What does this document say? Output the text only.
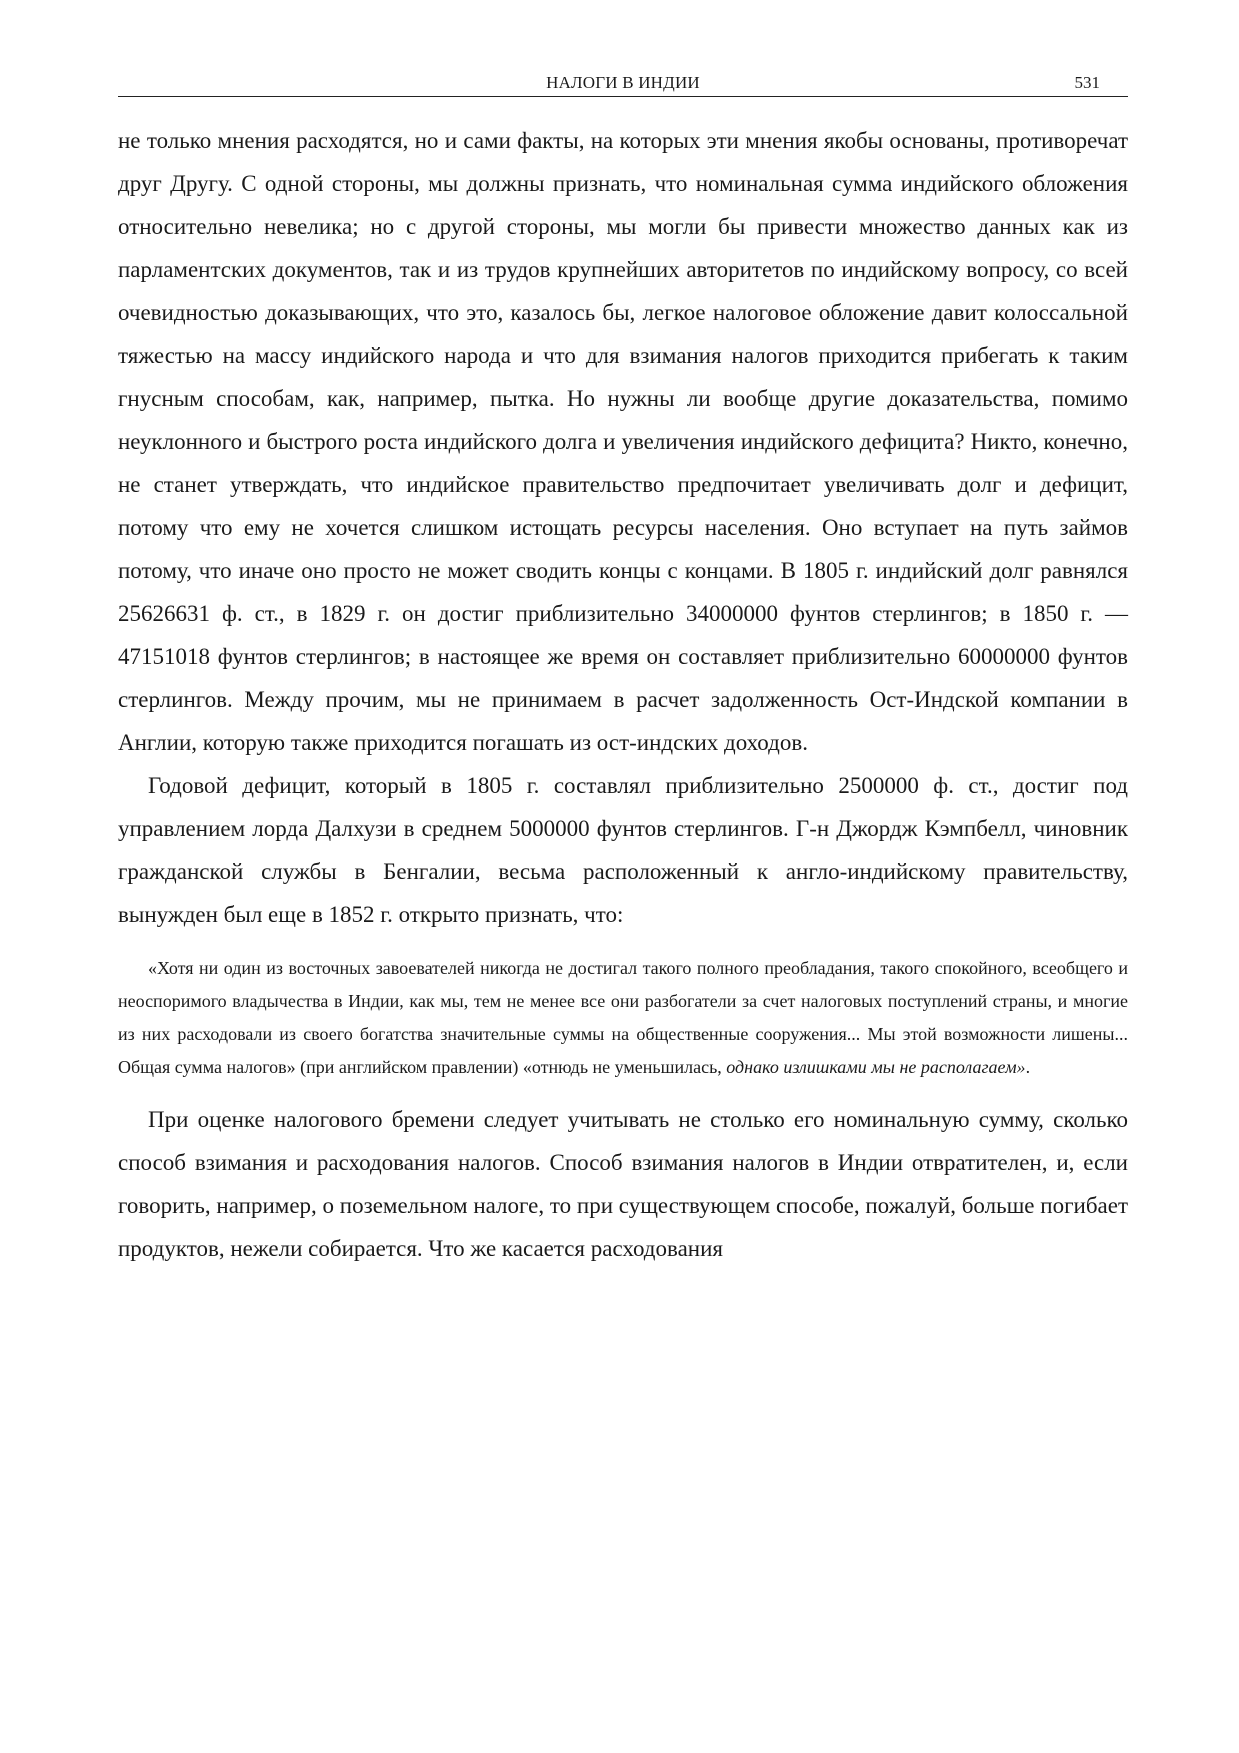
НАЛОГИ В ИНДИИ	531

не только мнения расходятся, но и сами факты, на которых эти мнения якобы основаны, противоречат друг Другу. С одной стороны, мы должны признать, что номинальная сумма индийского обложения относительно невелика; но с другой стороны, мы могли бы привести множество данных как из парламентских документов, так и из трудов крупнейших авторитетов по индийскому вопросу, со всей очевидностью доказывающих, что это, казалось бы, легкое налоговое обложение давит колоссальной тяжестью на массу индийского народа и что для взимания налогов приходится прибегать к таким гнусным способам, как, например, пытка. Но нужны ли вообще другие доказательства, помимо неуклонного и быстрого роста индийского долга и увеличения индийского дефицита? Никто, конечно, не станет утверждать, что индийское правительство предпочитает увеличивать долг и дефицит, потому что ему не хочется слишком истощать ресурсы населения. Оно вступает на путь займов потому, что иначе оно просто не может сводить концы с концами. В 1805 г. индийский долг равнялся 25626631 ф. ст., в 1829 г. он достиг приблизительно 34000000 фунтов стерлингов; в 1850 г. — 47151018 фунтов стерлингов; в настоящее же время он составляет приблизительно 60000000 фунтов стерлингов. Между прочим, мы не принимаем в расчет задолженность Ост-Индской компании в Англии, которую также приходится погашать из ост-индских доходов.

Годовой дефицит, который в 1805 г. составлял приблизительно 2500000 ф. ст., достиг под управлением лорда Далхузи в среднем 5000000 фунтов стерлингов. Г-н Джордж Кэмпбелл, чиновник гражданской службы в Бенгалии, весьма расположенный к англо-индийскому правительству, вынужден был еще в 1852 г. открыто признать, что:

«Хотя ни один из восточных завоевателей никогда не достигал такого полного преобладания, такого спокойного, всеобщего и неоспоримого владычества в Индии, как мы, тем не менее все они разбогатели за счет налоговых поступлений страны, и многие из них расходовали из своего богатства значительные суммы на общественные сооружения... Мы этой возможности лишены... Общая сумма налогов» (при английском правлении) «отнюдь не уменьшилась, однако излишками мы не располагаем».

При оценке налогового бремени следует учитывать не столько его номинальную сумму, сколько способ взимания и расходования налогов. Способ взимания налогов в Индии отвратителен, и, если говорить, например, о поземельном налоге, то при существующем способе, пожалуй, больше погибает продуктов, нежели собирается. Что же касается расходования
